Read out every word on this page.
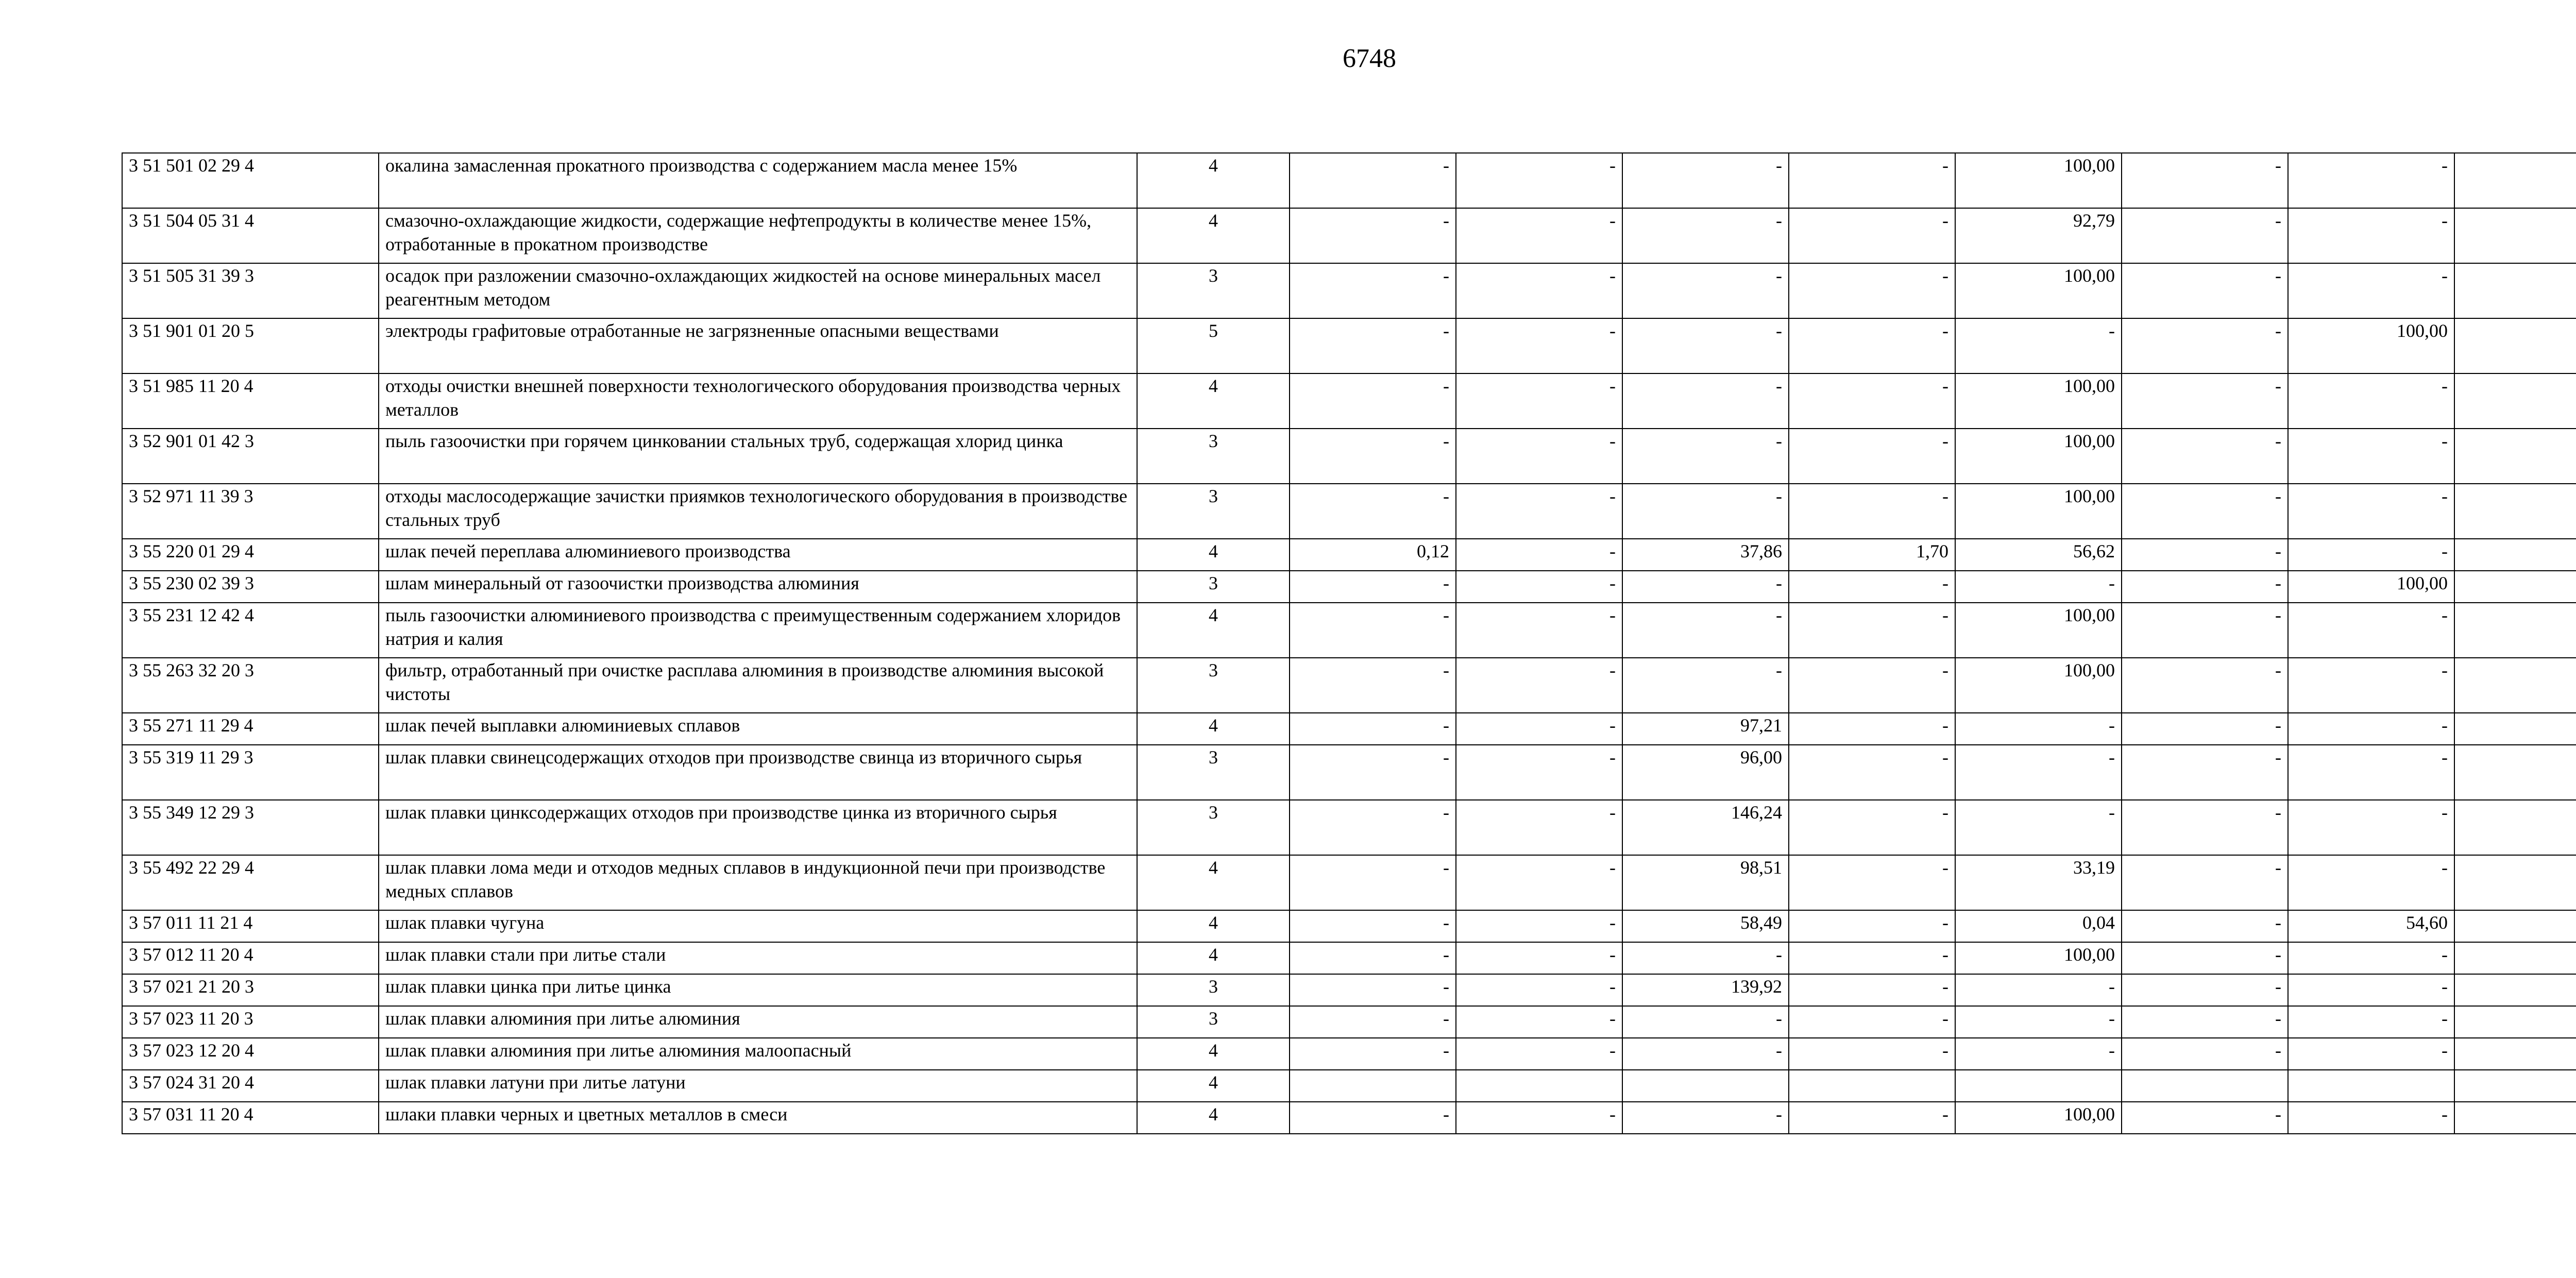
6748
3 51 501 02 29 4	окалина замасленная прокатного производства с содержанием масла менее 15%	4	-	-	-	-	100,00	-	-	
3 51 504 05 31 4	смазочно-охлаждающие жидкости, содержащие нефтепродукты в количестве менее 15%, отработанные в прокатном производстве	4	-	-	-	-	92,79	-	-	
3 51 505 31 39 3	осадок при разложении смазочно-охлаждающих жидкостей на основе минеральных масел реагентным методом	3	-	-	-	-	100,00	-	-	
3 51 901 01 20 5	электроды графитовые отработанные не загрязненные опасными веществами	5	-	-	-	-	-	-	100,00	
3 51 985 11 20 4	отходы очистки внешней поверхности технологического оборудования производства черных металлов	4	-	-	-	-	100,00	-	-	
3 52 901 01 42 3	пыль газоочистки при горячем цинковании стальных труб, содержащая хлорид цинка	3	-	-	-	-	100,00	-	-	
3 52 971 11 39 3	отходы маслосодержащие зачистки приямков технологического оборудования в производстве стальных труб	3	-	-	-	-	100,00	-	-	
3 55 220 01 29 4	шлак печей переплава алюминиевого производства	4	0,12	-	37,86	1,70	56,62	-	-	
3 55 230 02 39 3	шлам минеральный от газоочистки производства алюминия	3	-	-	-	-	-	-	100,00	
3 55 231 12 42 4	пыль газоочистки алюминиевого производства с преимущественным содержанием хлоридов натрия и калия	4	-	-	-	-	100,00	-	-	
3 55 263 32 20 3	фильтр, отработанный при очистке расплава алюминия в производстве алюминия высокой чистоты	3	-	-	-	-	100,00	-	-	
3 55 271 11 29 4	шлак печей выплавки алюминиевых сплавов	4	-	-	97,21	-	-	-	-	
3 55 319 11 29 3	шлак плавки свинецсодержащих отходов при производстве свинца из вторичного сырья	3	-	-	96,00	-	-	-	-	
3 55 349 12 29 3	шлак плавки цинксодержащих отходов при производстве цинка из вторичного сырья	3	-	-	146,24	-	-	-	-	
3 55 492 22 29 4	шлак плавки лома меди и отходов медных сплавов в индукционной печи при производстве медных сплавов	4	-	-	98,51	-	33,19	-	-	
3 57 011 11 21 4	шлак плавки чугуна	4	-	-	58,49	-	0,04	-	54,60	
3 57 012 11 20 4	шлак плавки стали при литье стали	4	-	-	-	-	100,00	-	-	
3 57 021 21 20 3	шлак плавки цинка при литье цинка	3	-	-	139,92	-	-	-	-	
3 57 023 11 20 3	шлак плавки алюминия при литье алюминия	3	-	-	-	-	-	-	-	
3 57 023 12 20 4	шлак плавки алюминия при литье алюминия малоопасный	4	-	-	-	-	-	-	-	
3 57 024 31 20 4	шлак плавки латуни при литье латуни	4								
3 57 031 11 20 4	шлаки плавки черных и цветных металлов в смеси	4	-	-	-	-	100,00	-	-	
